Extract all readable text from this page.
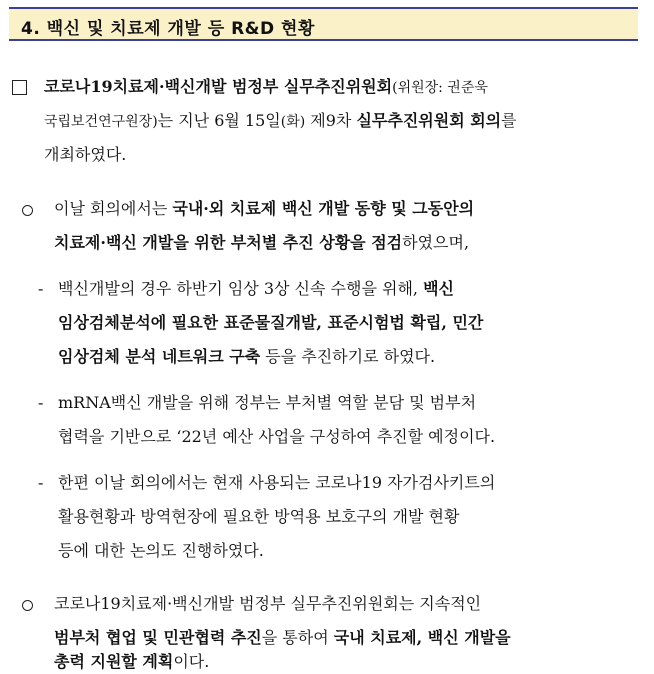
4. 백신 및 치료제 개발 등 R&D 현황
코로나19치료제·백신개발 범정부 실무추진위원회(위원장: 권준욱
국립보건연구원장)는 지난 6월 15일(화) 제9차 실무추진위원회 회의를
개최하였다.
이날 회의에서는 국내·외 치료제 백신 개발 동향 및 그동안의
치료제·백신 개발을 위한 부처별 추진 상황을 점검하였으며,
- 백신개발의 경우 하반기 임상 3상 신속 수행을 위해, 백신
임상검체분석에 필요한 표준물질개발, 표준시험법 확립, 민간
임상검체 분석 네트워크 구축 등을 추진하기로 하였다.
- mRNA백신 개발을 위해 정부는 부처별 역할 분담 및 범부처
협력을 기반으로 ‘22년 예산 사업을 구성하여 추진할 예정이다.
- 한편 이날 회의에서는 현재 사용되는 코로나19 자가검사키트의
활용현황과 방역현장에 필요한 방역용 보호구의 개발 현황
등에 대한 논의도 진행하였다.
코로나19치료제·백신개발 범정부 실무추진위원회는 지속적인
범부처 협업 및 민관협력 추진을 통하여 국내 치료제, 백신 개발을
총력 지원할 계획이다.
